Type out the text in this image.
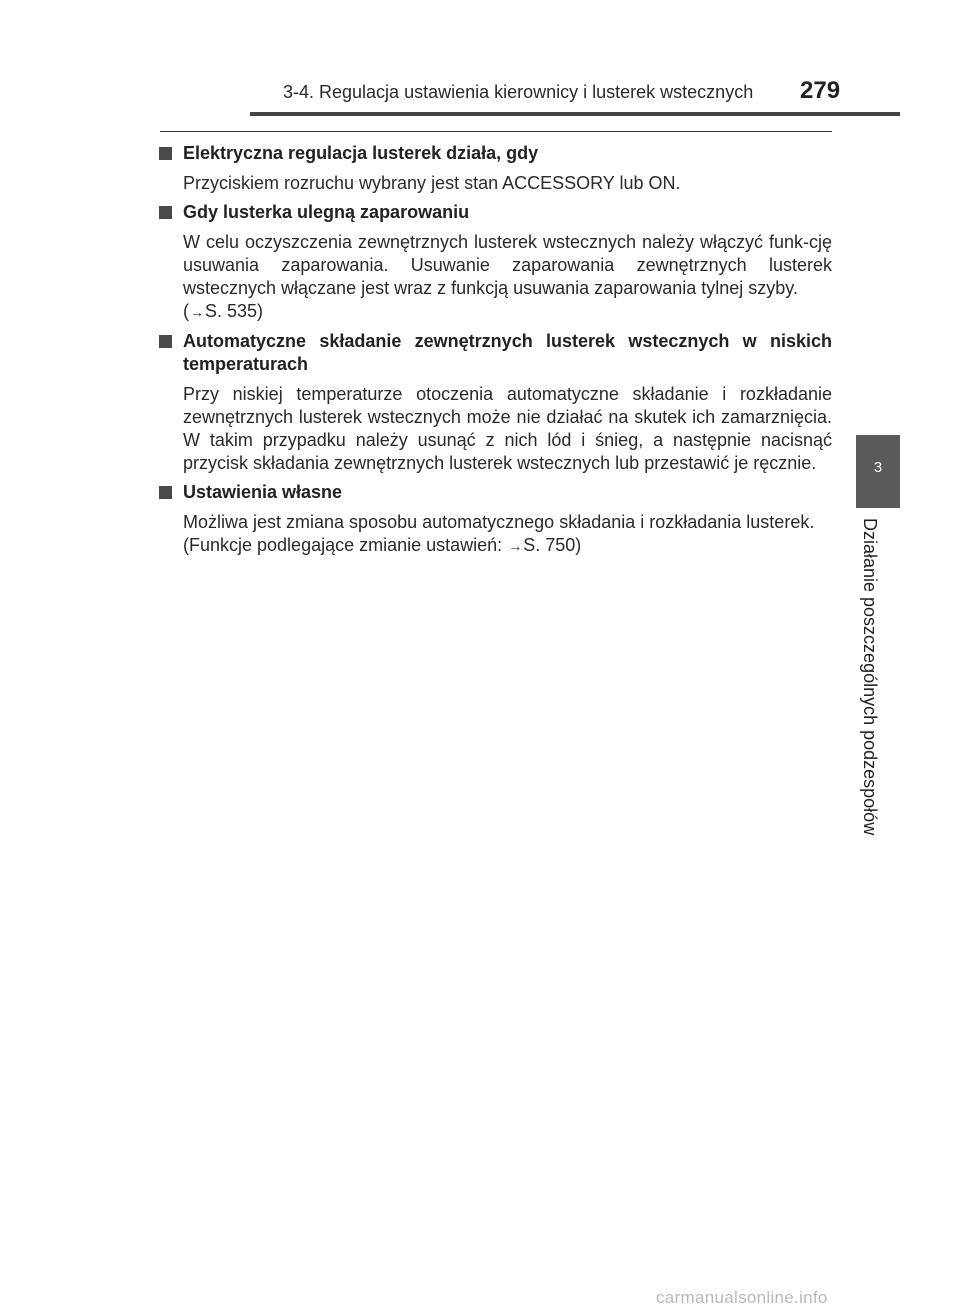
3-4. Regulacja ustawienia kierownicy i lusterek wstecznych	279
Elektryczna regulacja lusterek działa, gdy

Przyciskiem rozruchu wybrany jest stan ACCESSORY lub ON.

Gdy lusterka ulegną zaparowaniu

W celu oczyszczenia zewnętrznych lusterek wstecznych należy włączyć funk-cję usuwania zaparowania. Usuwanie zaparowania zewnętrznych lusterek wstecznych włączane jest wraz z funkcją usuwania zaparowania tylnej szyby.

(→S. 535)

Automatyczne składanie zewnętrznych lusterek wstecznych w niskich temperaturach

Przy niskiej temperaturze otoczenia automatyczne składanie i rozkładanie zewnętrznych lusterek wstecznych może nie działać na skutek ich zamarznięcia. W takim przypadku należy usunąć z nich lód i śnieg, a następnie nacisnąć przycisk składania zewnętrznych lusterek wstecznych lub przestawić je ręcznie.

Ustawienia własne

Możliwa jest zmiana sposobu automatycznego składania i rozkładania lusterek.

(Funkcje podlegające zmianie ustawień: →S. 750)

3
Działanie poszczególnych podzespołów
carmanualsonline.info
